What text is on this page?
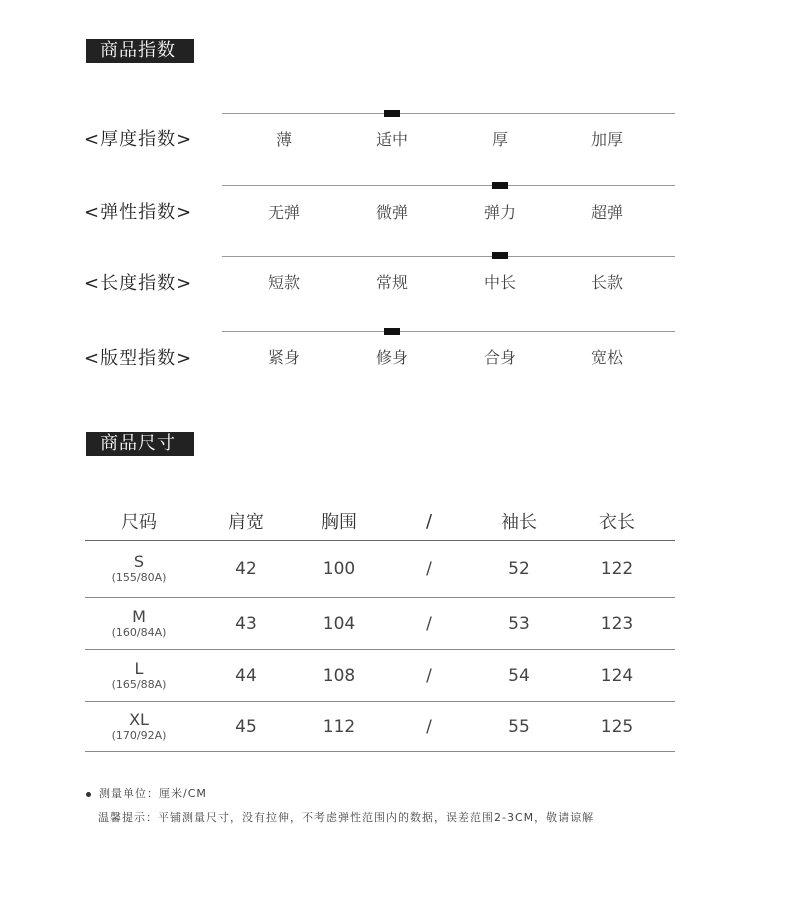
商品指数
<厚度指数>	薄	适中	厚	加厚
<弹性指数>	无弹	微弹	弹力	超弹
<长度指数>	短款	常规	中长	长款
<版型指数>	紧身	修身	合身	宽松
商品尺寸
尺码	肩宽	胸围	/	袖长	衣长

S
(155/80A)	42	100	/	52	122

M
(160/84A)	43	104	/	53	123

L
(165/88A)	44	108	/	54	124

XL
(170/92A)	45	112	/	55	125
测量单位：厘米/CM
温馨提示：平铺测量尺寸，没有拉伸，不考虑弹性范围内的数据，误差范围2-3CM，敬请谅解
